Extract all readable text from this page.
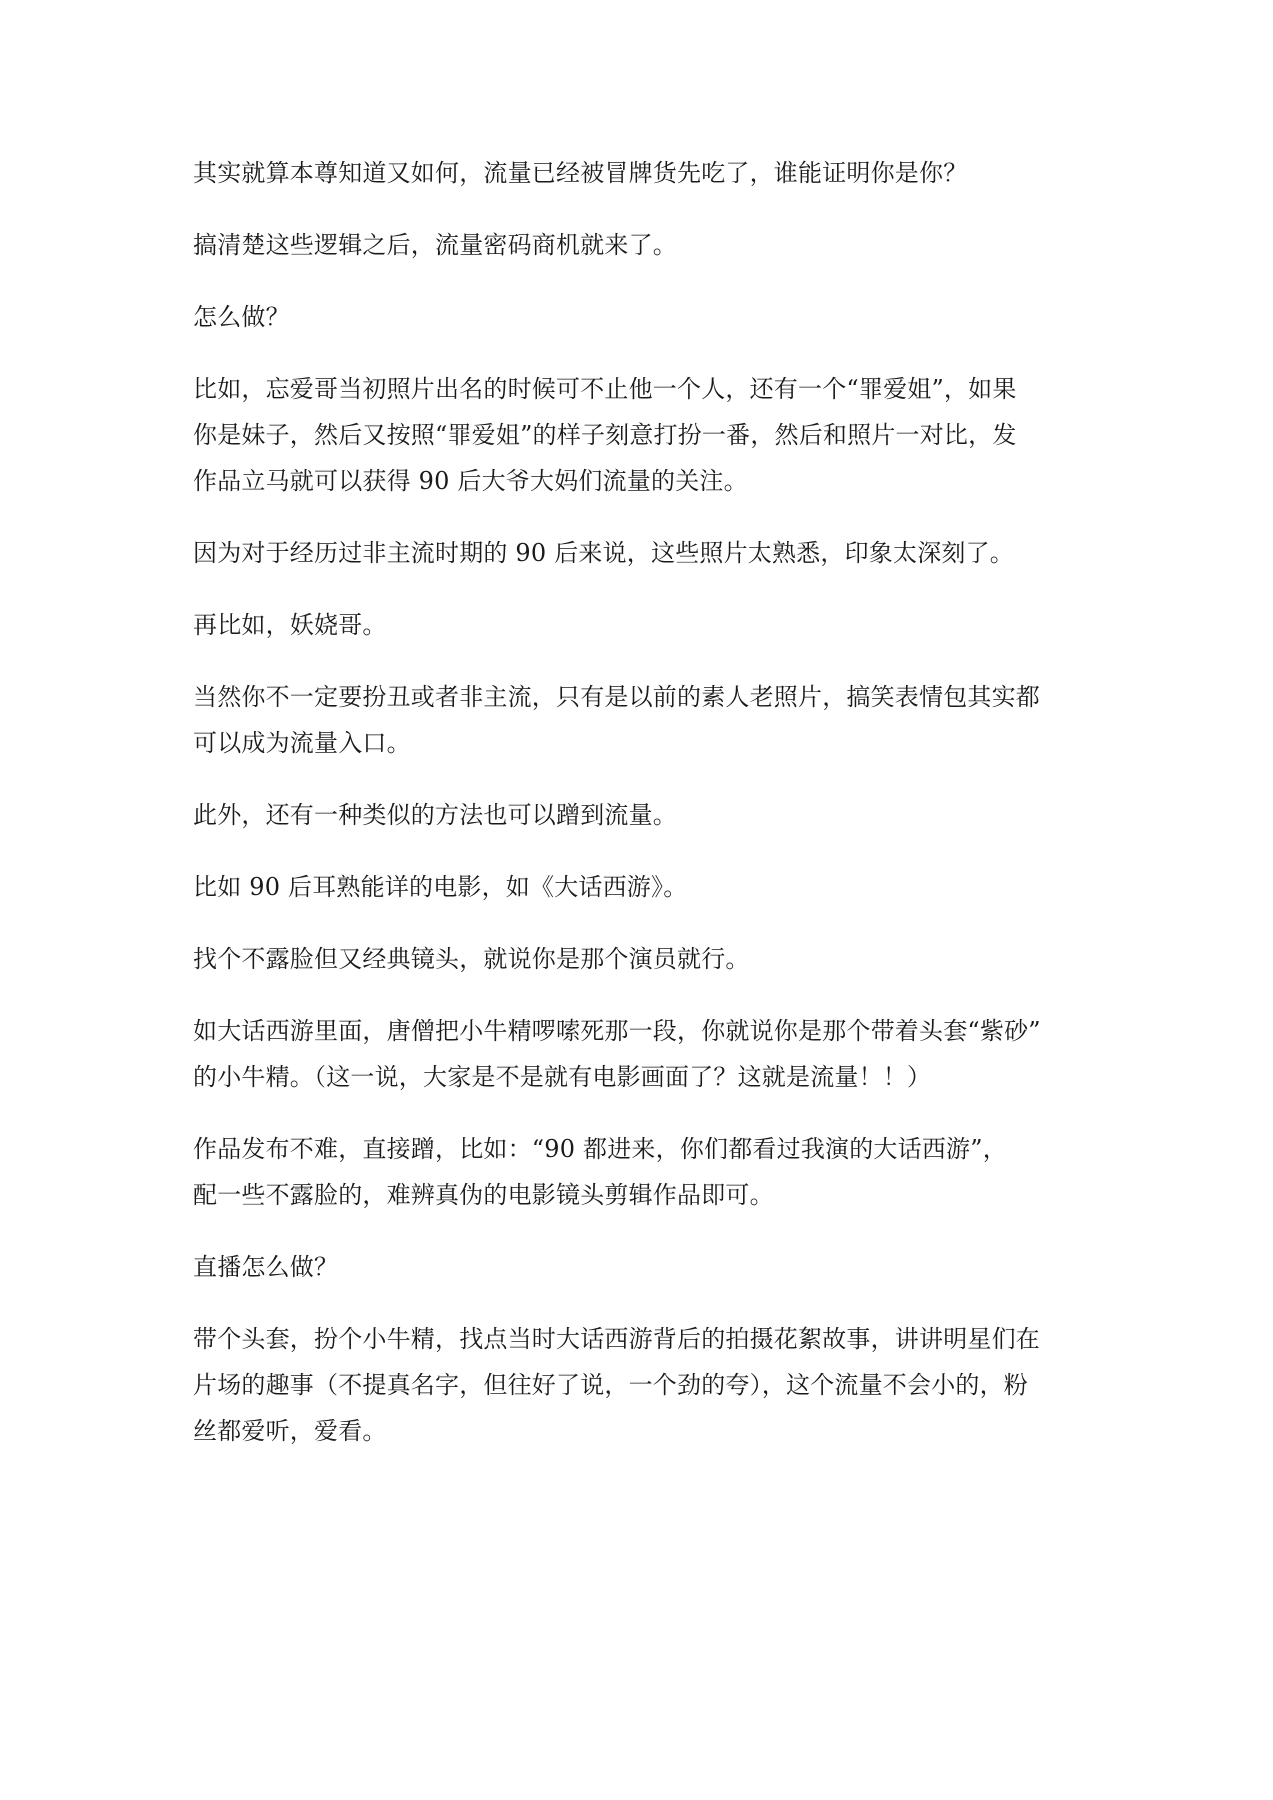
其实就算本尊知道又如何，流量已经被冒牌货先吃了，谁能证明你是你？

搞清楚这些逻辑之后，流量密码商机就来了。

怎么做？

比如，忘爱哥当初照片出名的时候可不止他一个人，还有一个“罪爱姐”，如果
你是妹子，然后又按照“罪爱姐”的样子刻意打扮一番，然后和照片一对比，发
作品立马就可以获得 90 后大爷大妈们流量的关注。

因为对于经历过非主流时期的 90 后来说，这些照片太熟悉，印象太深刻了。

再比如，妖娆哥。

当然你不一定要扮丑或者非主流，只有是以前的素人老照片，搞笑表情包其实都
可以成为流量入口。

此外，还有一种类似的方法也可以蹭到流量。

比如 90 后耳熟能详的电影，如《大话西游》。

找个不露脸但又经典镜头，就说你是那个演员就行。

如大话西游里面，唐僧把小牛精啰嗦死那一段，你就说你是那个带着头套“紫砂”
的小牛精。（这一说，大家是不是就有电影画面了？这就是流量！！）

作品发布不难，直接蹭，比如：“90 都进来，你们都看过我演的大话西游”，
配一些不露脸的，难辨真伪的电影镜头剪辑作品即可。

直播怎么做？

带个头套，扮个小牛精，找点当时大话西游背后的拍摄花絮故事，讲讲明星们在
片场的趣事（不提真名字，但往好了说，一个劲的夸），这个流量不会小的，粉
丝都爱听，爱看。
